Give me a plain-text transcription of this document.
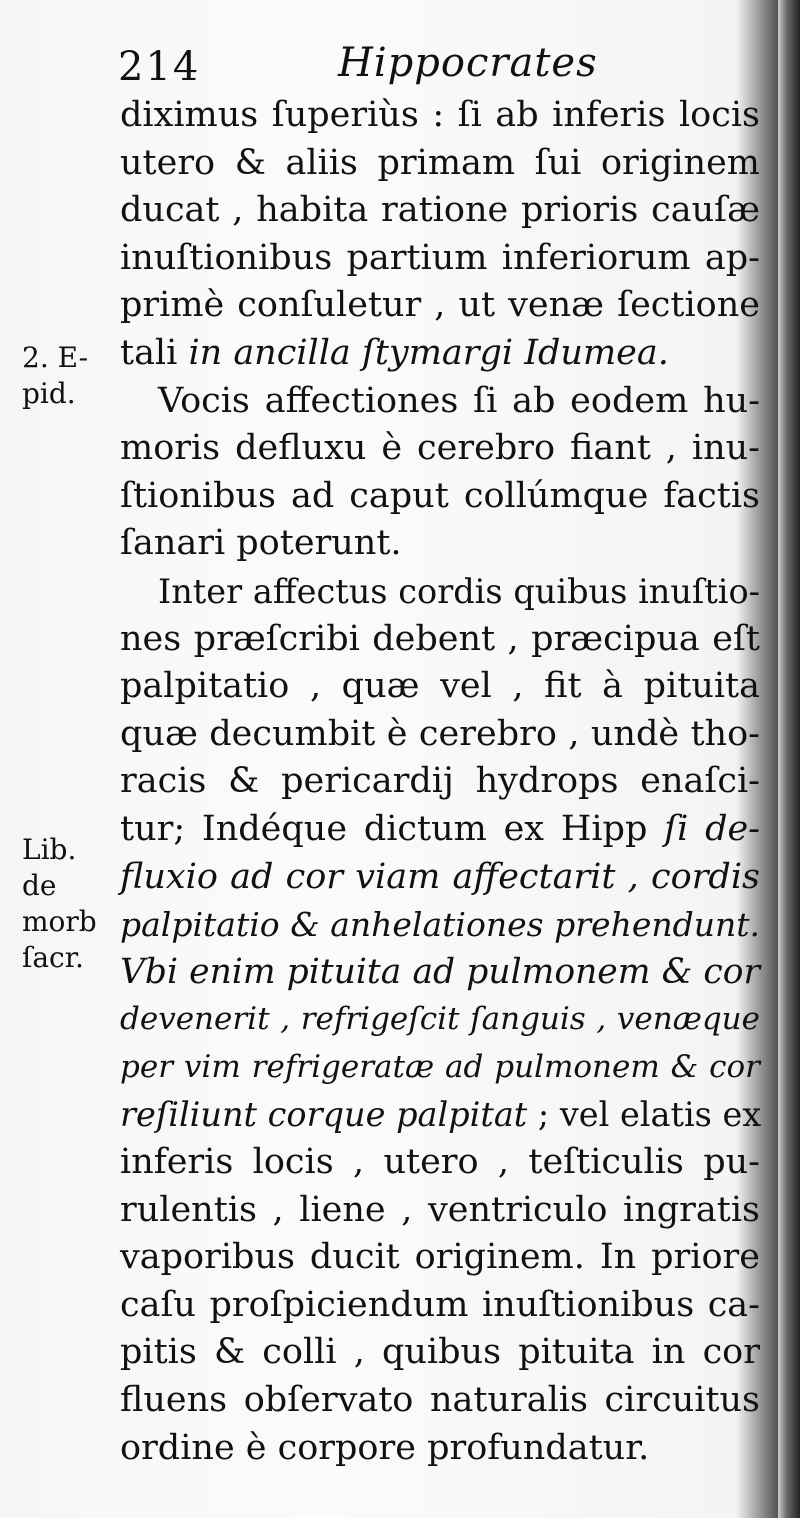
214	Hippocrates
2. E-
pid.
Lib.
de
morb
ſacr.
diximus ſuperiùs : ſi ab inferis locis
utero & aliis primam ſui originem
ducat , habita ratione prioris cauſæ
inuſtionibus partium inferiorum ap-
primè conſuletur , ut venæ ſectione
tali in ancilla ſtymargi Idumea.
Vocis affectiones ſi ab eodem hu-
moris defluxu è cerebro fiant , inu-
ſtionibus ad caput collúmque factis
ſanari poterunt.
Inter affectus cordis quibus inuſtio-
nes præſcribi debent , præcipua eſt
palpitatio , quæ vel , fit à pituita
quæ decumbit è cerebro , undè tho-
racis & pericardij hydrops enaſci-
tur; Indéque dictum ex Hipp ſi de-
fluxio ad cor viam affectarit , cordis
palpitatio & anhelationes prehendunt.
Vbi enim pituita ad pulmonem & cor
devenerit , refrigeſcit ſanguis , venæque
per vim refrigeratæ ad pulmonem & cor
reſiliunt corque palpitat ; vel elatis ex
inferis locis , utero , teſticulis pu-
rulentis , liene , ventriculo ingratis
vaporibus ducit originem. In priore
caſu proſpiciendum inuſtionibus ca-
pitis & colli , quibus pituita in cor
fluens obſervato naturalis circuitus
ordine è corpore profundatur.
